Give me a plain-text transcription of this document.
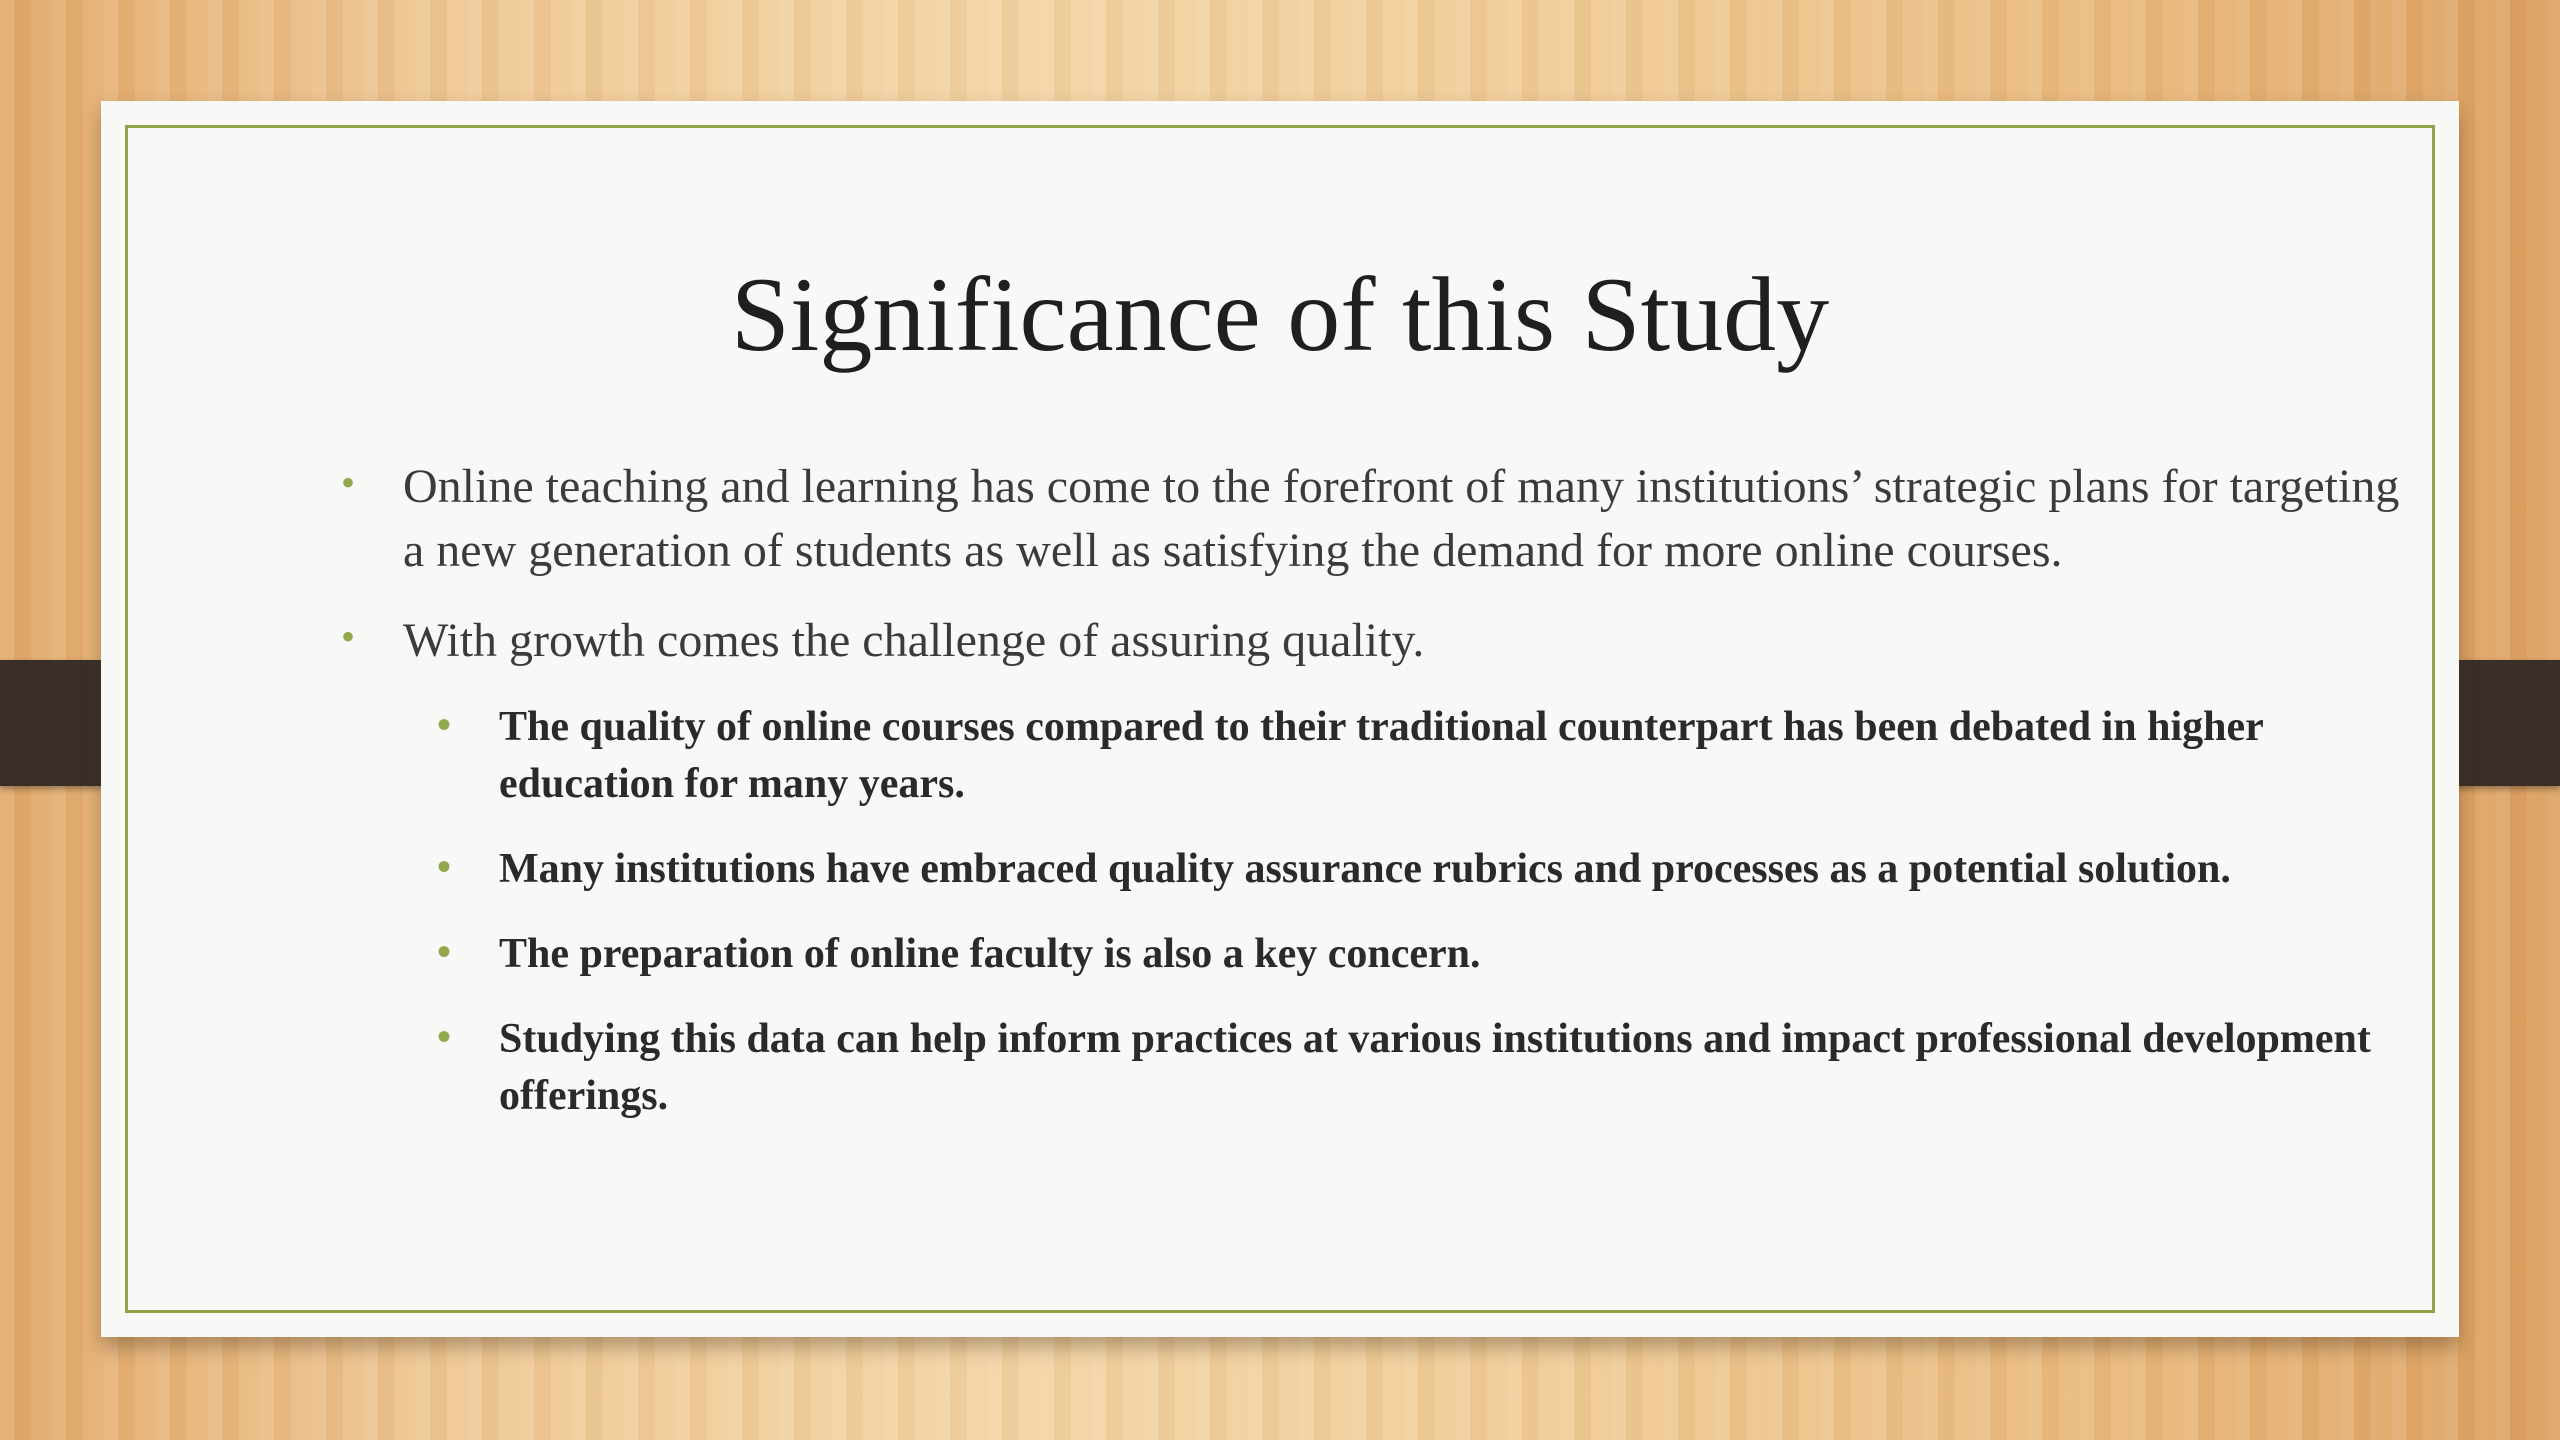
Significance of this Study
• Online teaching and learning has come to the forefront of many institutions’ strategic plans for targeting a new generation of students as well as satisfying the demand for more online courses.
• With growth comes the challenge of assuring quality.
• The quality of online courses compared to their traditional counterpart has been debated in higher education for many years.
• Many institutions have embraced quality assurance rubrics and processes as a potential solution.
• The preparation of online faculty is also a key concern.
• Studying this data can help inform practices at various institutions and impact professional development offerings.
